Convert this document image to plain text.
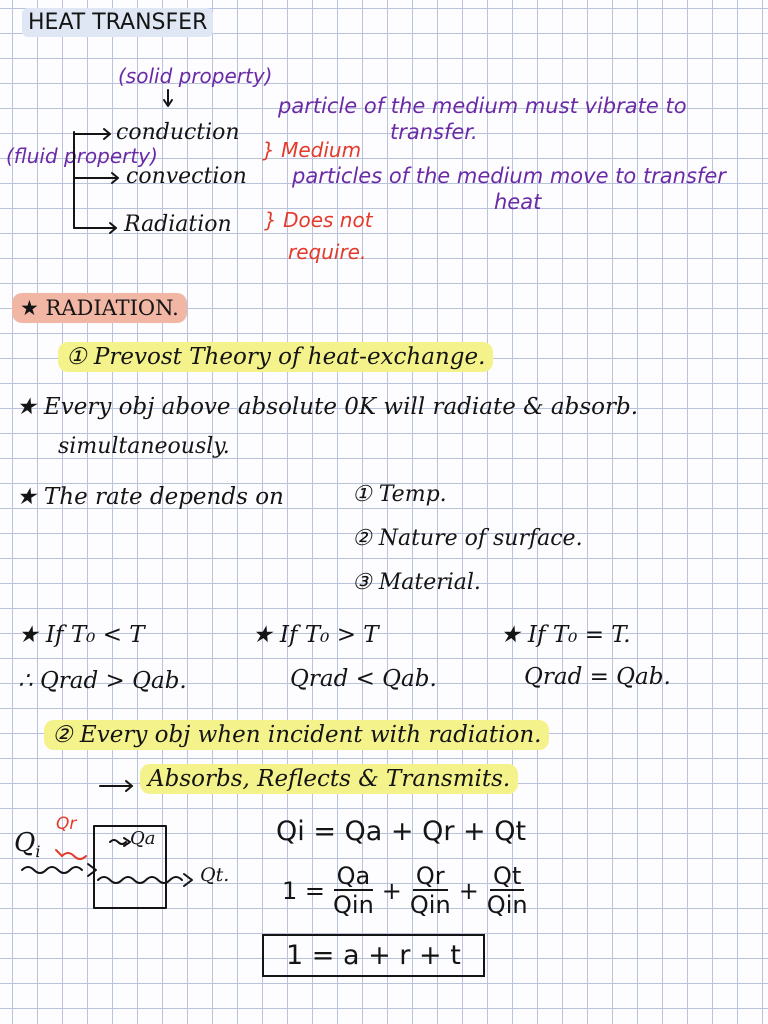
HEAT TRANSFER
(solid property)
(fluid property)
conduction
convection
Radiation
} Medium
} Does not
require.
particle of the medium must vibrate to
transfer.
particles of the medium move to transfer
heat
★ RADIATION.
① Prevost Theory of heat-exchange.
★ Every obj above absolute 0K will radiate & absorb.
simultaneously.
★ The rate depends on	① Temp.
② Nature of surface.
③ Material.
★ If T₀ < T
∴ Qrad > Qab.
★ If T₀ > T
Qrad < Qab.
★ If T₀ = T.
Qrad = Qab.
② Every obj when incident with radiation.
Absorbs, Reflects & Transmits.
$Q_i$
Qr
Qa
Qt.
Qi = Qa + Qr + Qt
$1 = \frac{Qa}{\text{Qin}} + \frac{Qr}{\text{Qin}} + \frac{Qt}{\text{Qin}}$
1 = a + r + t
